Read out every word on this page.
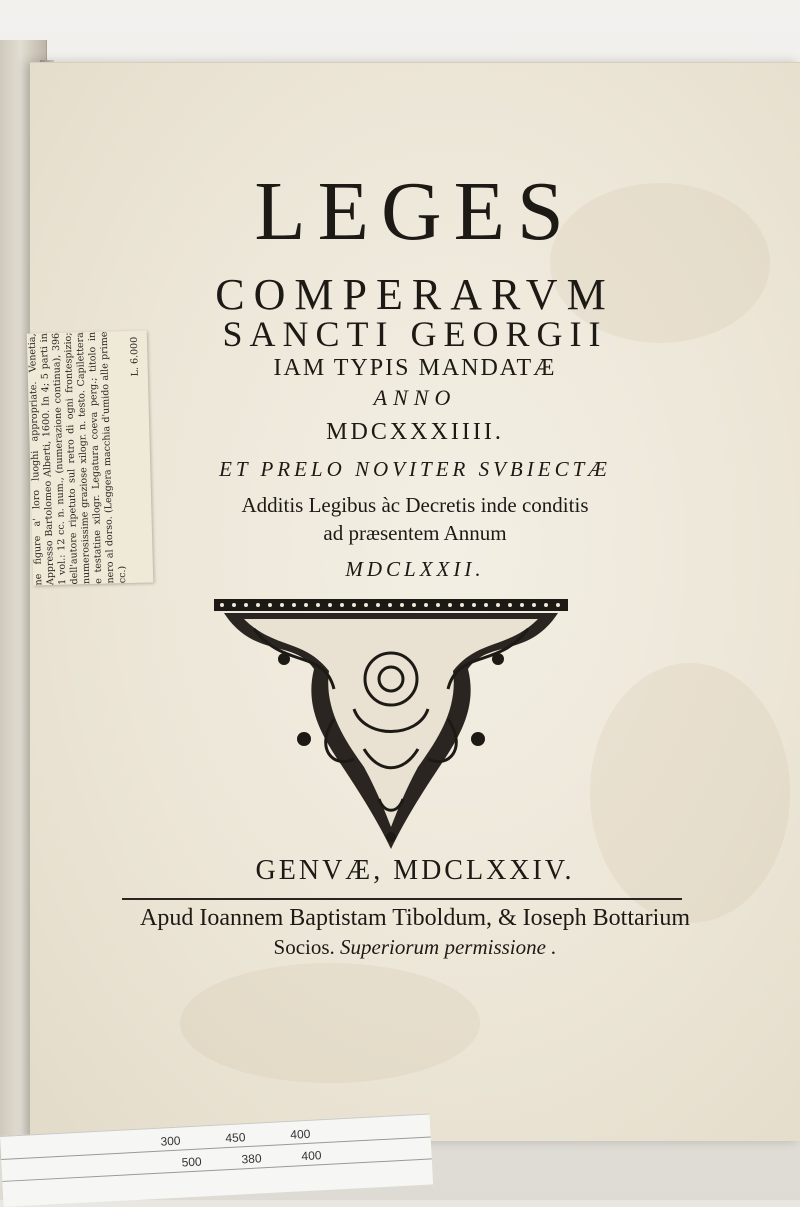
LEGES
COMPERARVM
SANCTI GEORGII
IAM TYPIS MANDATÆ
ANNO
MDCXXXIIII.
ET PRELO NOVITER SVBIECTÆ
Additis Legibus àc Decretis inde conditis
ad præsentem Annum
MDCLXXII.
GENVÆ, MDCLXXIV.
Apud Ioannem Baptistam Tiboldum, & Ioseph Bottarium
Socios. Superiorum permissione .
ne figure a' loro luoghi appropriate. Venetia, Appresso Bartolomeo Alberti, 1600. In 4; 5 parti in 1 vol.: 12 cc. n. num., (numerazione continua), 396 dell'autore ripetuto sul retro di ogni frontespizio; numerosissime graziose xilogr. n. testo. Capilettera e testatine xilogr. Legatura coeva perg.; titolo in nero al dorso. (Leggera macchia d'umido alle prime cc.)
L. 6.000
300	450	400
500	380	400
